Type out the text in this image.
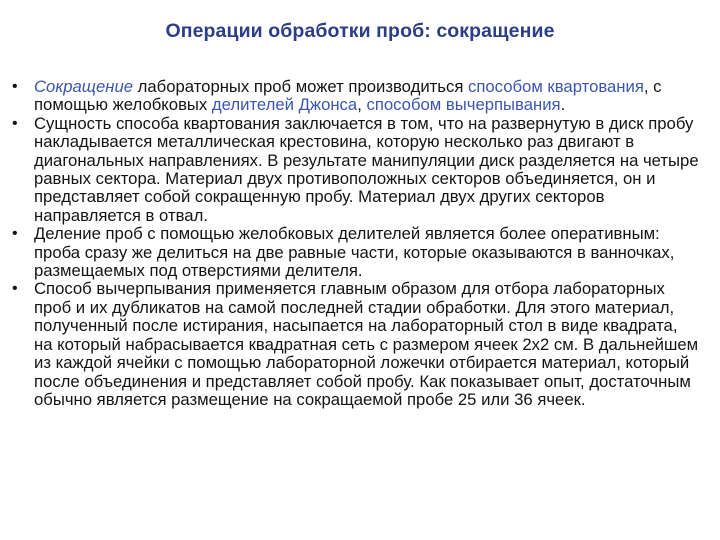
Операции обработки проб: сокращение
• Сокращение лабораторных проб может производиться способом квартования, с помощью желобковых делителей Джонса, способом вычерпывания.
• Сущность способа квартования заключается в том, что на развернутую в диск пробу накладывается металлическая крестовина, которую несколько раз двигают в диагональных направлениях. В результате манипуляции диск разделяется на четыре равных сектора. Материал двух противоположных секторов объединяется, он и представляет собой сокращенную пробу. Материал двух других секторов направляется в отвал.
• Деление проб с помощью желобковых делителей является более оперативным: проба сразу же делиться на две равные части, которые оказываются в ванночках, размещаемых под отверстиями делителя.
• Способ вычерпывания применяется главным образом для отбора лабораторных проб и их дубликатов на самой последней стадии обработки. Для этого материал, полученный после истирания, насыпается на лабораторный стол в виде квадрата, на который набрасывается квадратная сеть с размером ячеек 2х2 см. В дальнейшем из каждой ячейки с помощью лабораторной ложечки отбирается материал, который после объединения и представляет собой пробу. Как показывает опыт, достаточным обычно является размещение на сокращаемой пробе 25 или 36 ячеек.
